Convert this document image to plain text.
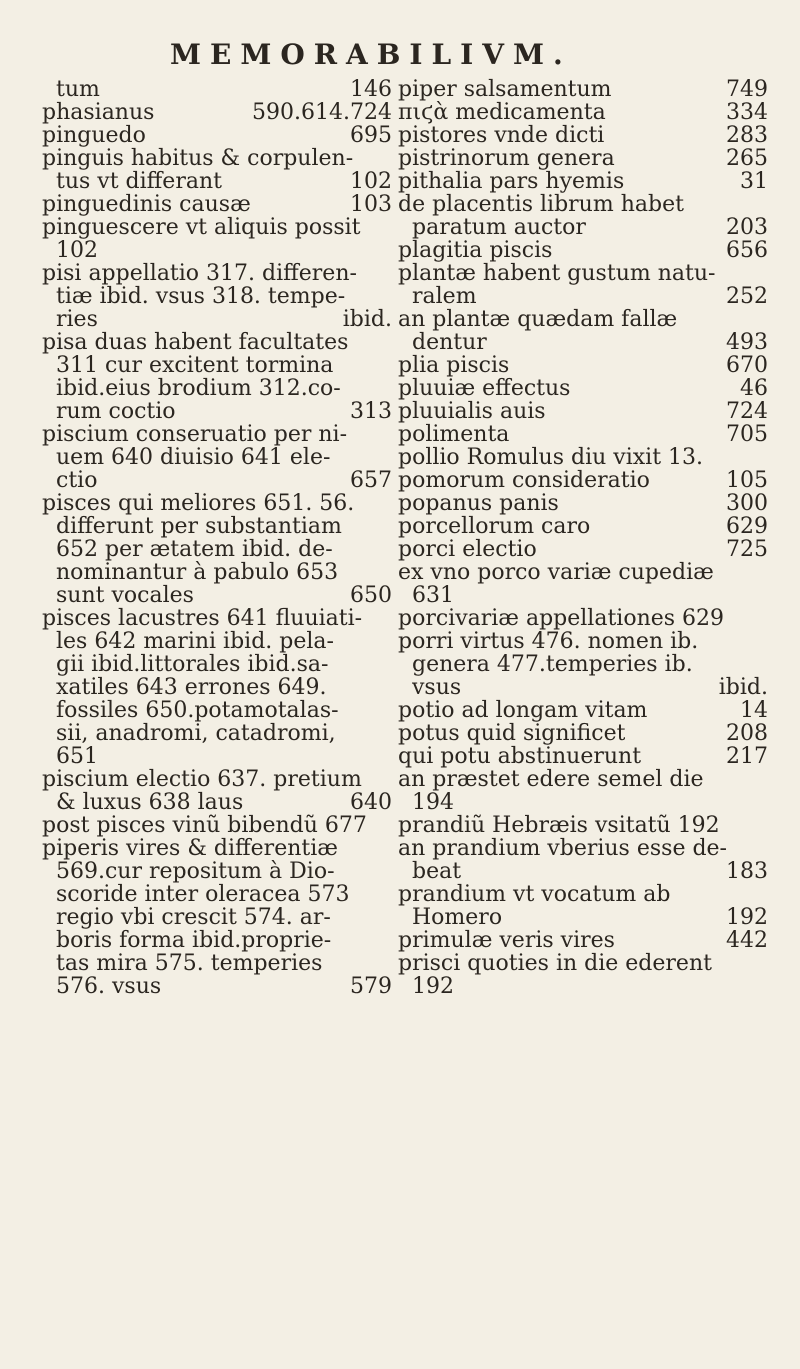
MEMORABILIVM.
tum	146
phasianus	590.614.724
pinguedo	695
pinguis habitus & corpulen-
tus vt differant	102
pinguedinis causæ	103
pinguescere vt aliquis possit
102
pisi appellatio 317. differen-
tiæ ibid. vsus 318. tempe-
ries	ibid.
pisa duas habent facultates
311 cur excitent tormina
ibid.eius brodium 312.co-
rum coctio	313
piscium conseruatio per ni-
uem 640 diuisio 641 ele-
ctio	657
pisces qui meliores 651. 56.
differunt per substantiam
652 per ætatem ibid. de-
nominantur à pabulo 653
sunt vocales	650
pisces lacustres 641 fluuiati-
les 642 marini ibid. pela-
gii ibid.littorales ibid.sa-
xatiles 643 errones 649.
fossiles 650.potamotalas-
sii, anadromi, catadromi,
651
piscium electio 637. pretium
& luxus 638 laus	640
post pisces vinũ bibendũ 677
piperis vires & differentiæ
569.cur repositum à Dio-
scoride inter oleracea 573
regio vbi crescit 574. ar-
boris forma ibid.proprie-
tas mira 575. temperies
576. vsus	579
piper salsamentum	749
πιϛὰ medicamenta	334
pistores vnde dicti	283
pistrinorum genera	265
pithalia pars hyemis	31
de placentis librum habet
paratum auctor	203
plagitia piscis	656
plantæ habent gustum natu-
ralem	252
an plantæ quædam fallæ
dentur	493
plia piscis	670
pluuiæ effectus	46
pluuialis auis	724
polimenta	705
pollio Romulus diu vixit 13.
pomorum consideratio	105
popanus panis	300
porcellorum caro	629
porci electio	725
ex vno porco variæ cupediæ
631
porcivariæ appellationes 629
porri virtus 476. nomen ib.
genera 477.temperies ib.
vsus	ibid.
potio ad longam vitam	14
potus quid significet	208
qui potu abstinuerunt	217
an præstet edere semel die
194
prandiũ Hebræis vsitatũ 192
an prandium vberius esse de-
beat	183
prandium vt vocatum ab
Homero	192
primulæ veris vires	442
prisci quoties in die ederent
192
